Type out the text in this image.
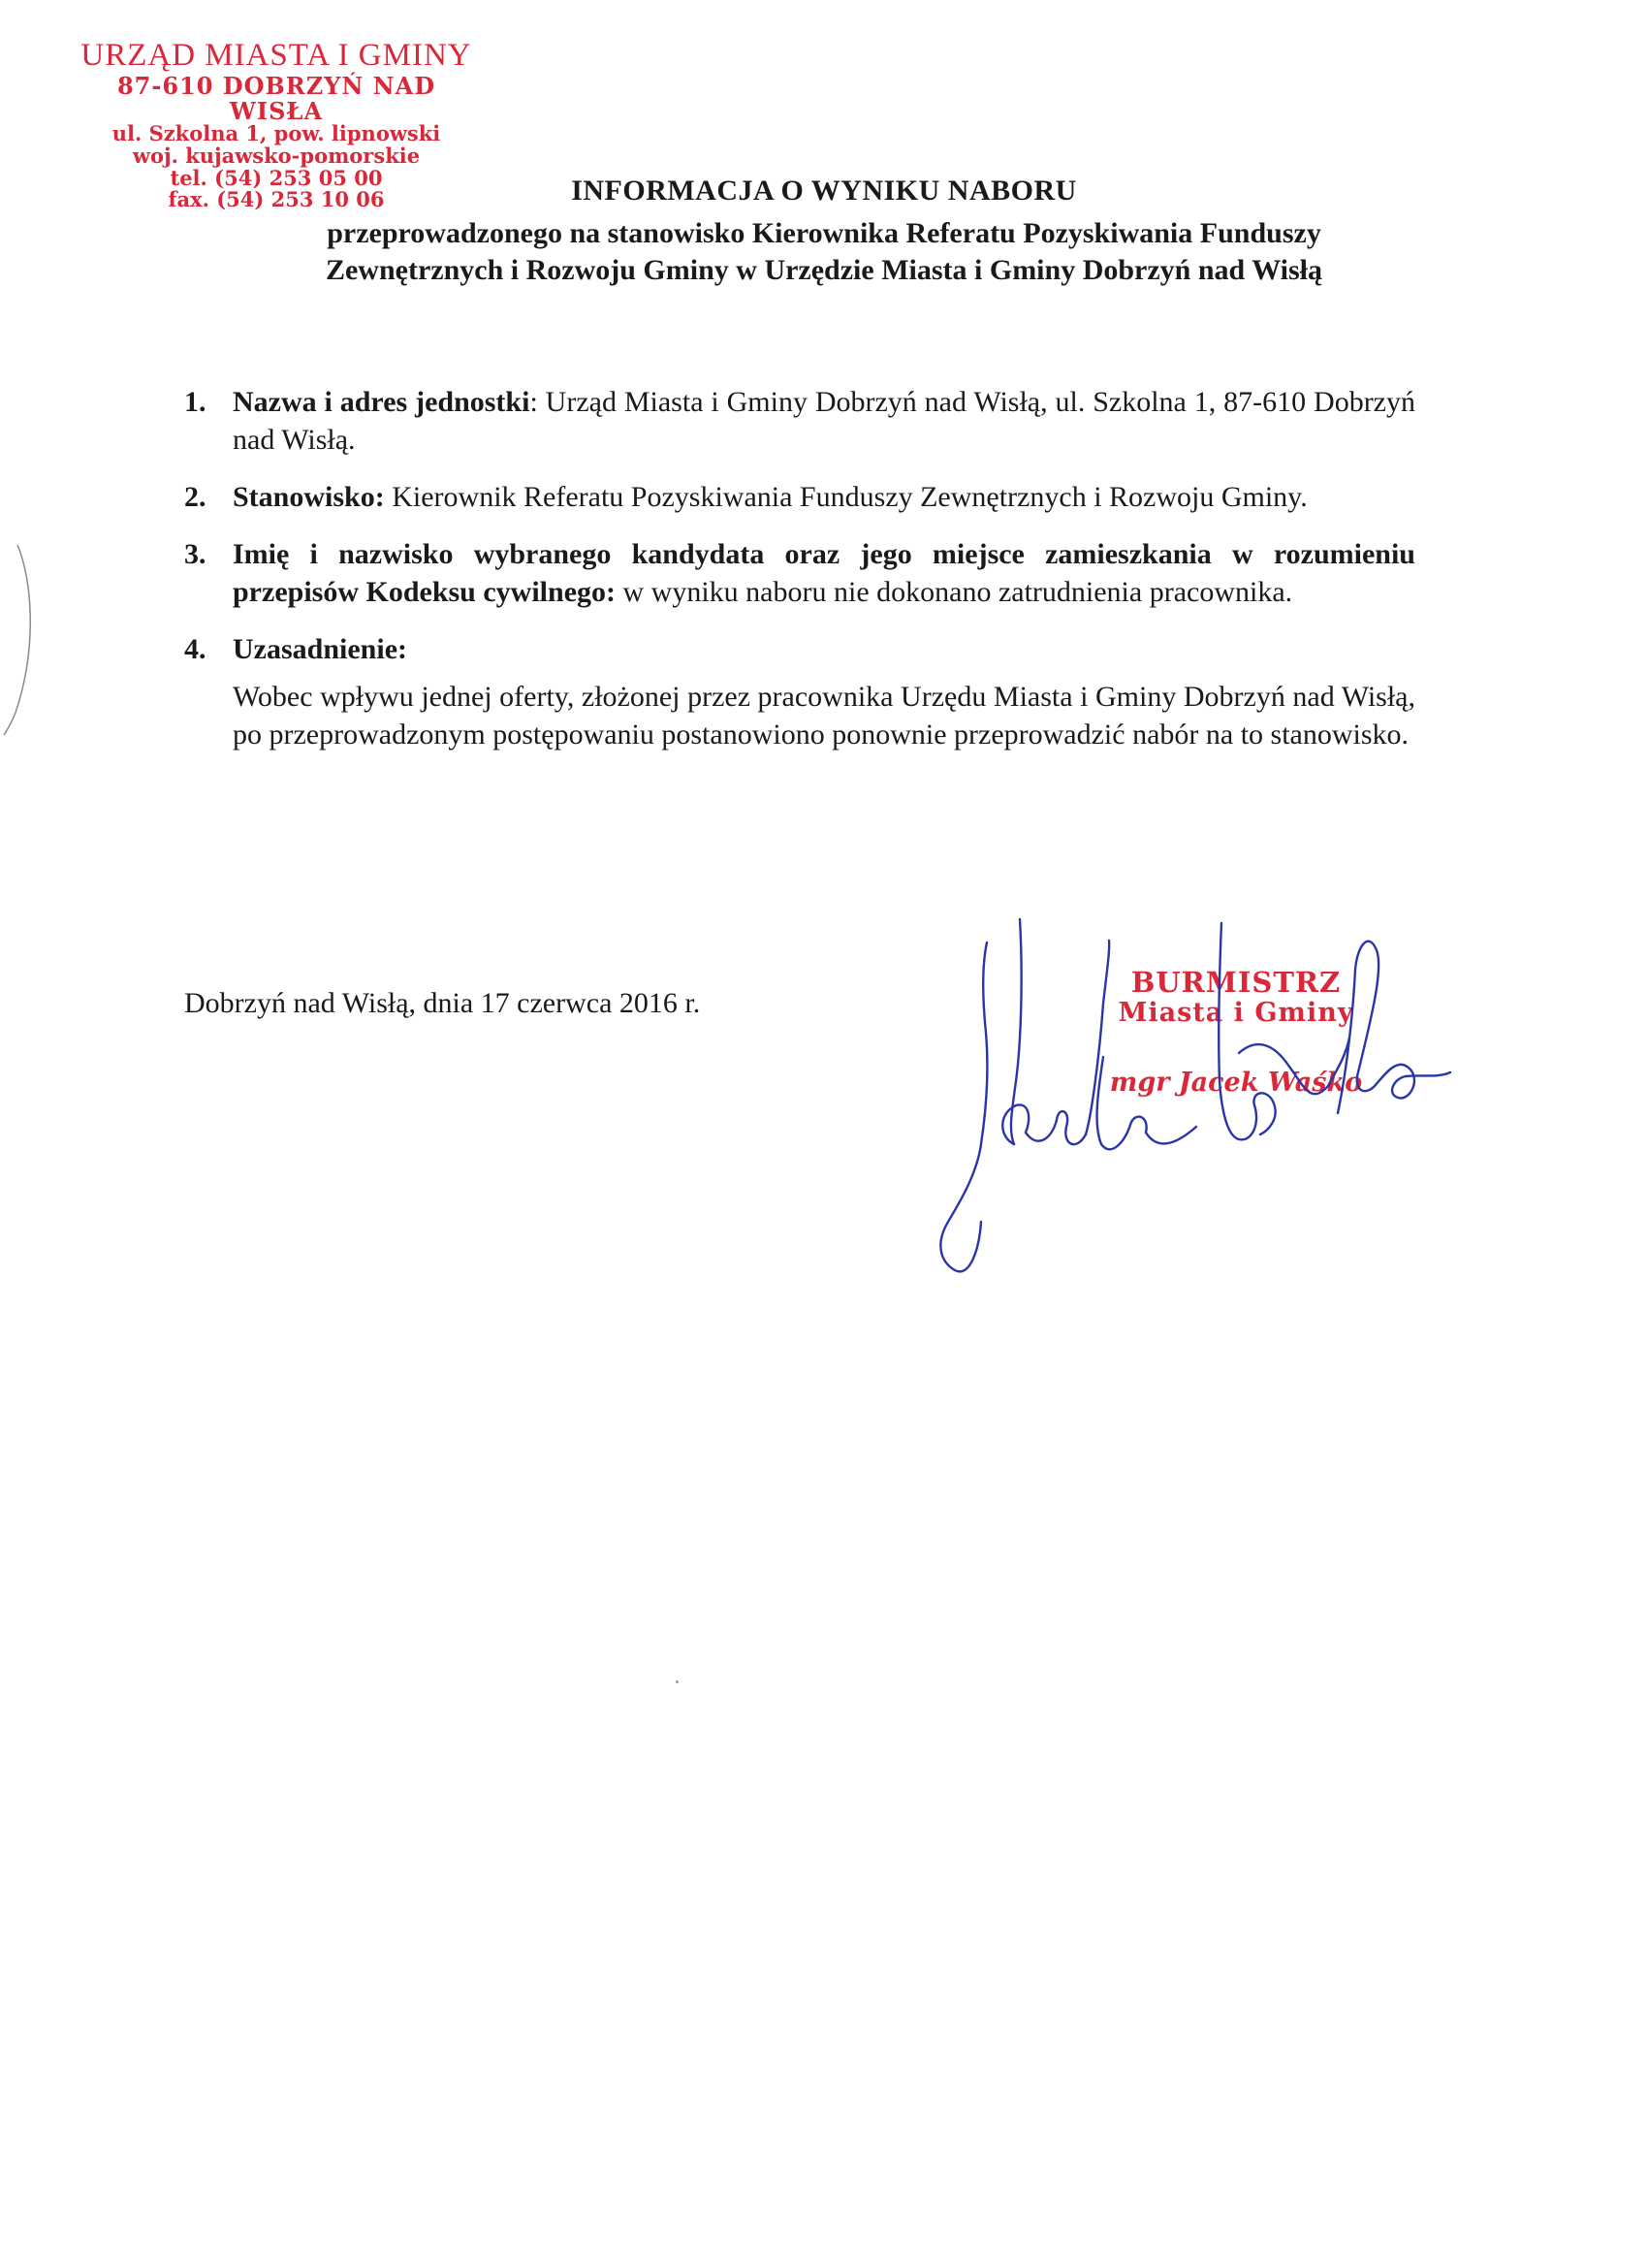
URZĄD MIASTA I GMINY
87-610 DOBRZYŃ NAD WISŁA
ul. Szkolna 1, pow. lipnowski
woj. kujawsko-pomorskie
tel. (54) 253 05 00
fax. (54) 253 10 06	INFORMACJA O WYNIKU NABORU
przeprowadzonego na stanowisko Kierownika Referatu Pozyskiwania Funduszy
Zewnętrznych i Rozwoju Gminy w Urzędzie Miasta i Gminy Dobrzyń nad Wisłą
1. Nazwa i adres jednostki: Urząd Miasta i Gminy Dobrzyń nad Wisłą, ul. Szkolna 1, 87-610 Dobrzyń nad Wisłą.
2. Stanowisko: Kierownik Referatu Pozyskiwania Funduszy Zewnętrznych i Rozwoju Gminy.
3. Imię i nazwisko wybranego kandydata oraz jego miejsce zamieszkania w rozumieniu przepisów Kodeksu cywilnego: w wyniku naboru nie dokonano zatrudnienia pracownika.
4. Uzasadnienie:
Wobec wpływu jednej oferty, złożonej przez pracownika Urzędu Miasta i Gminy Dobrzyń nad Wisłą, po przeprowadzonym postępowaniu postanowiono ponownie przeprowadzić nabór na to stanowisko.
Dobrzyń nad Wisłą, dnia 17 czerwca 2016 r.
BURMISTRZ
Miasta i Gminy
mgr Jacek Waśko
